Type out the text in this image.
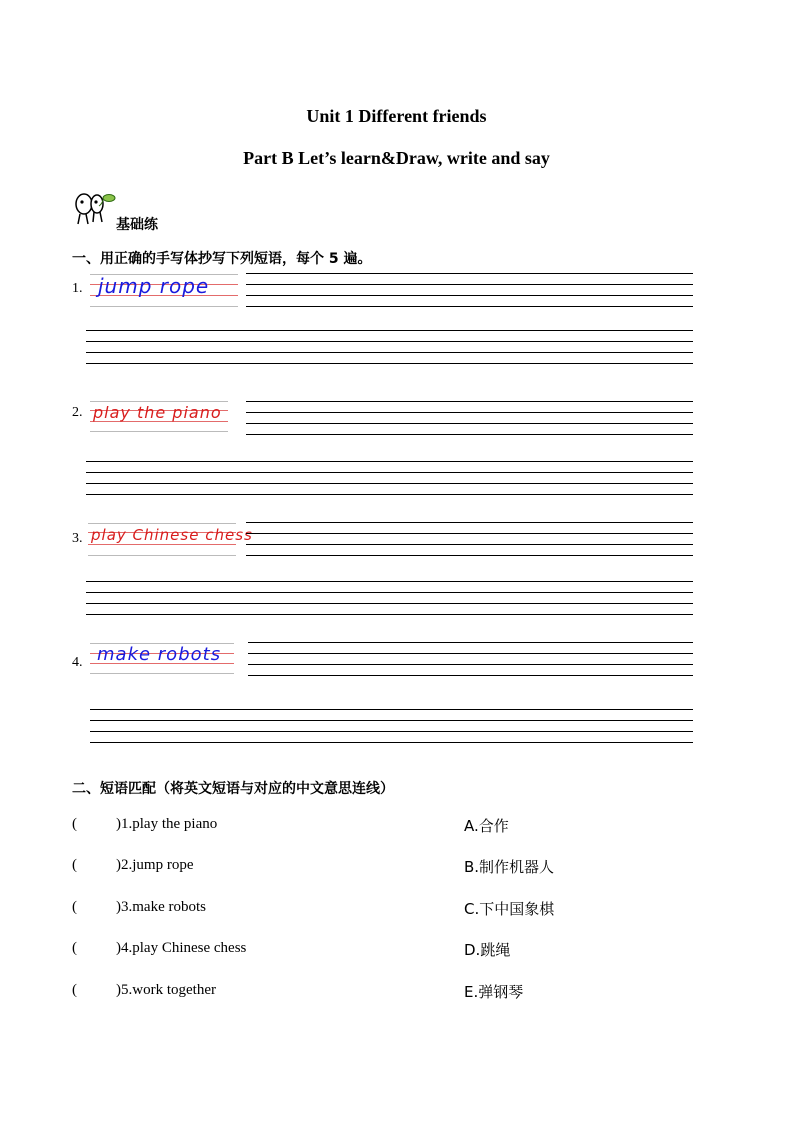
Unit 1 Different friends
Part B Let’s learn&Draw, write and say
基础练
一、用正确的手写体抄写下列短语，每个 5 遍。
1. jump rope
2. play the piano
3. play Chinese chess
4. make robots
二、短语匹配（将英文短语与对应的中文意思连线）
(	)1.play the piano	A.合作
(	)2.jump rope	B.制作机器人
(	)3.make robots	C.下中国象棋
(	)4.play Chinese chess	D.跳绳
(	)5.work together	E.弹钢琴
